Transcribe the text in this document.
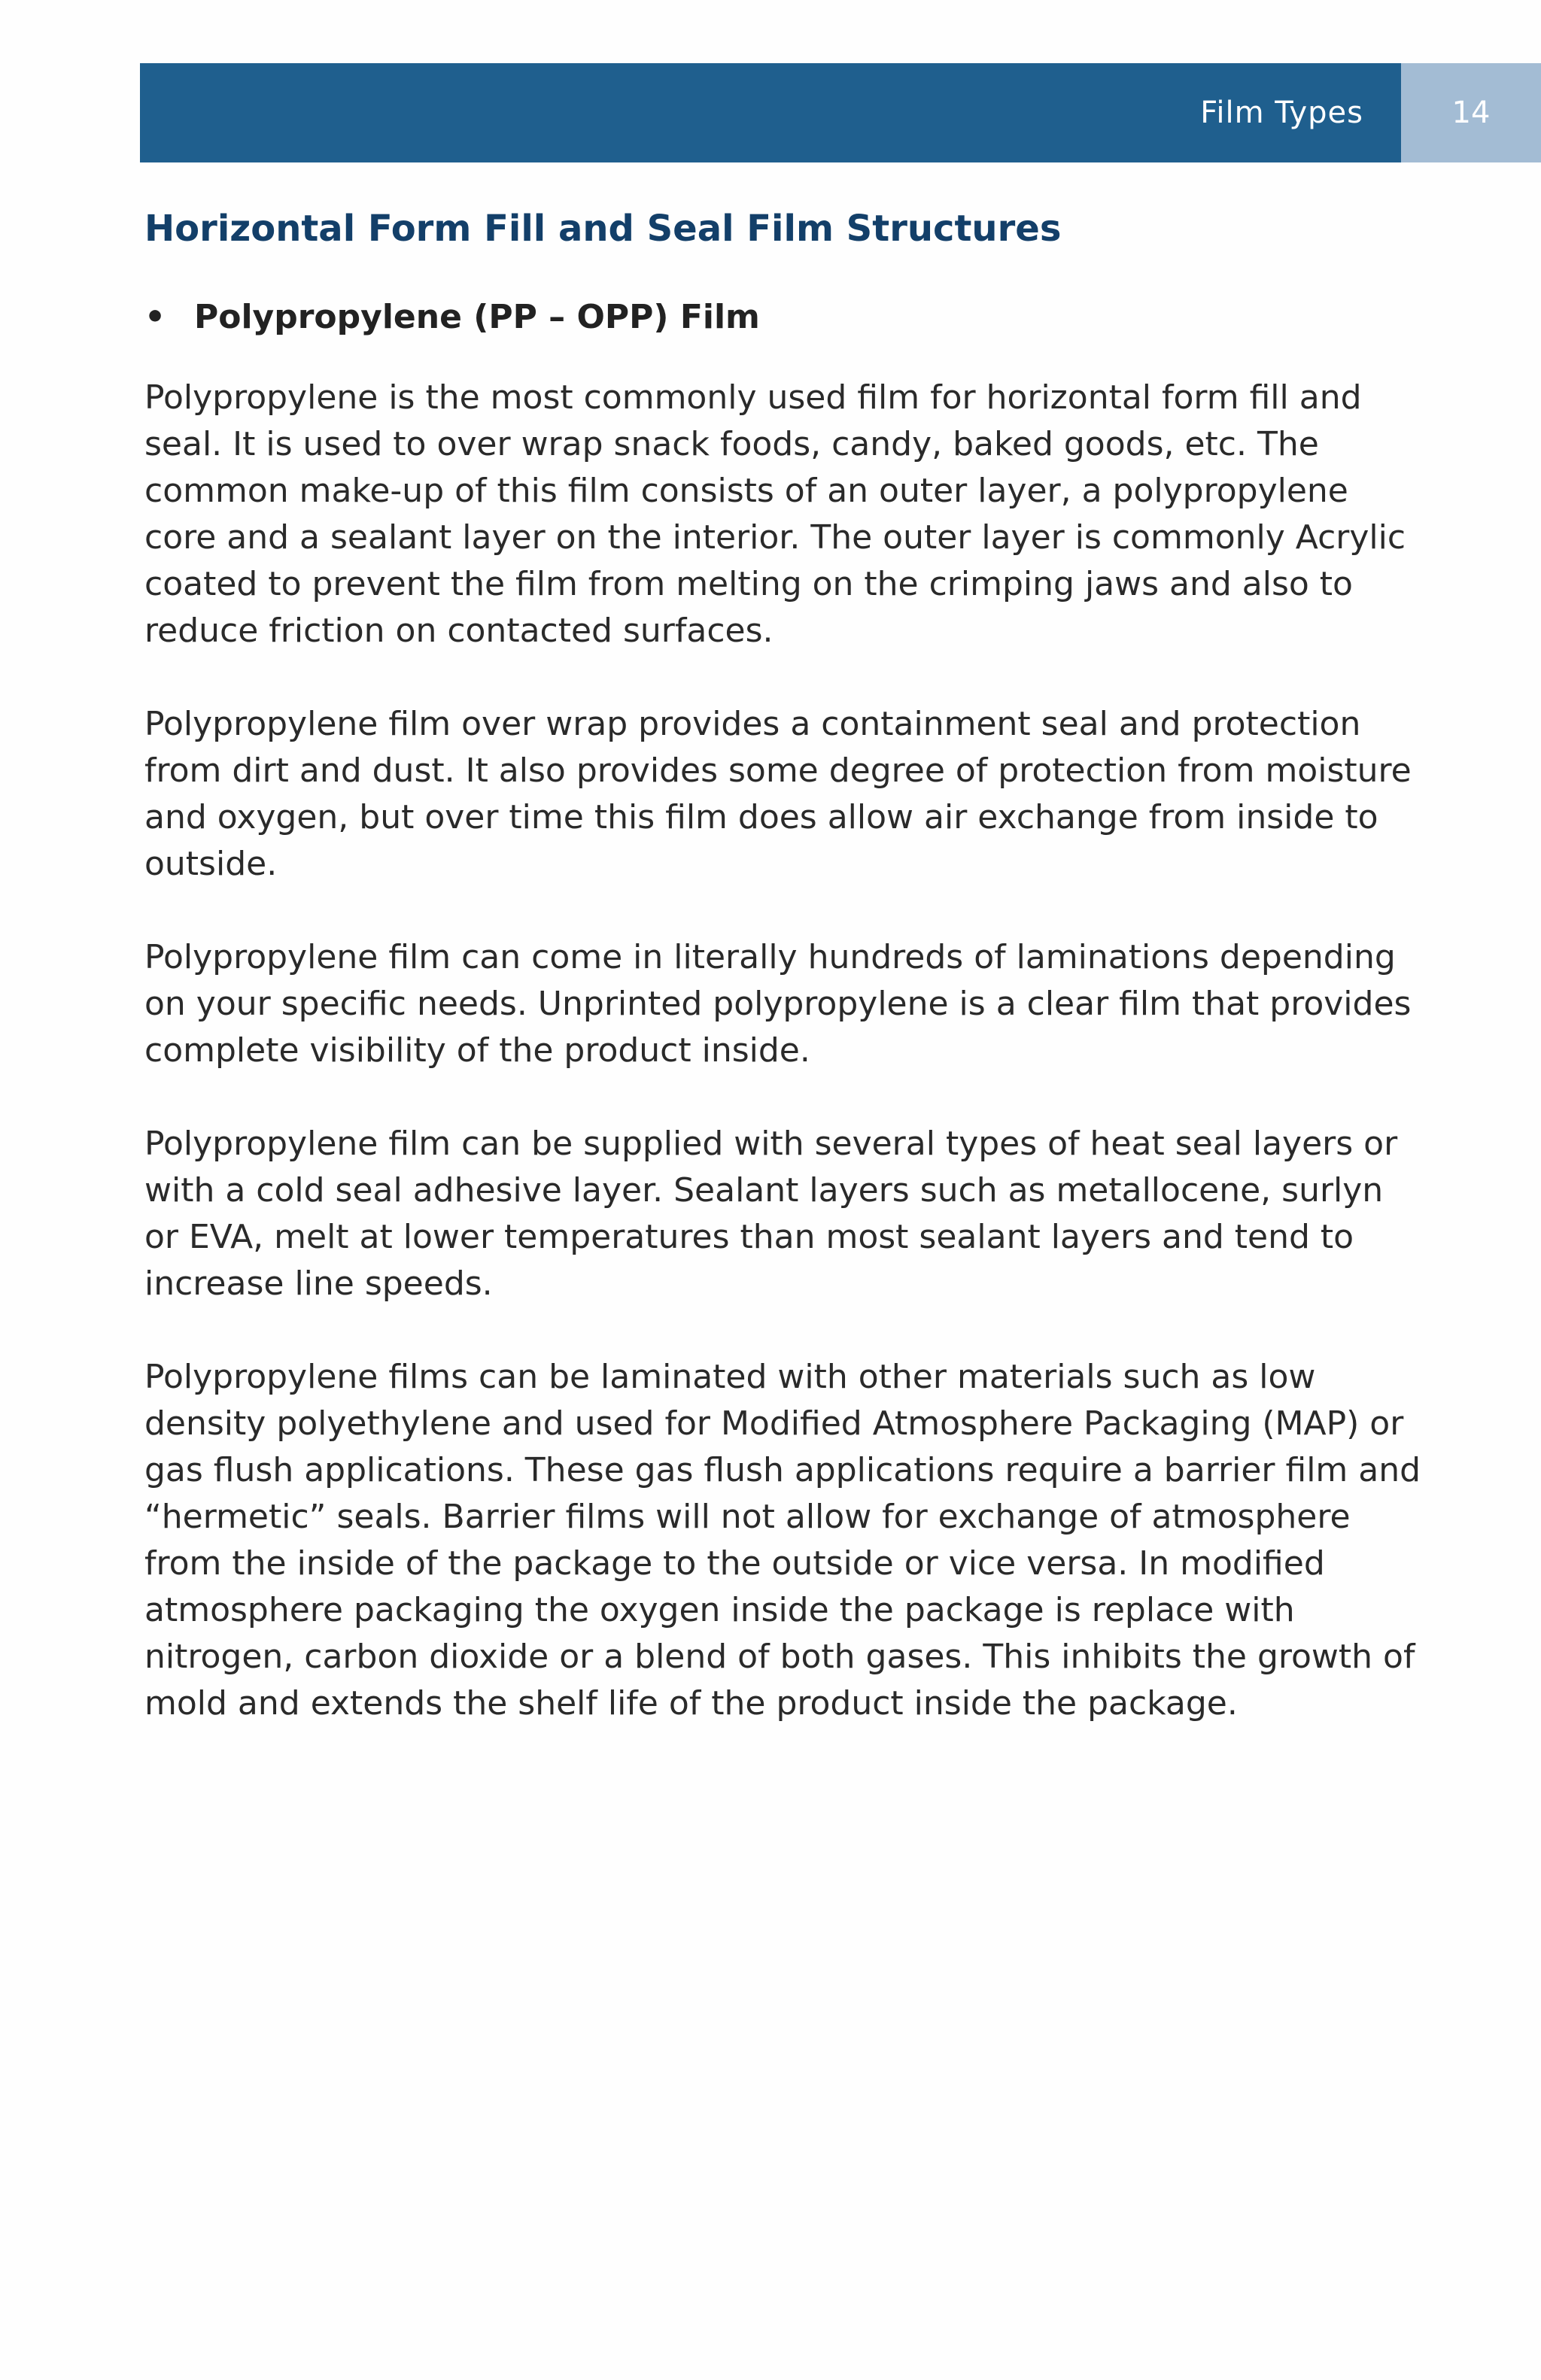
Film Types	14
Horizontal Form Fill and Seal Film Structures
• Polypropylene (PP – OPP) Film

Polypropylene is the most commonly used film for horizontal form fill and seal. It is used to over wrap snack foods, candy, baked goods, etc. The common make-up of this film consists of an outer layer, a polypropylene core and a sealant layer on the interior. The outer layer is commonly Acrylic coated to prevent the film from melting on the crimping jaws and also to reduce friction on contacted surfaces.

Polypropylene film over wrap provides a containment seal and protection from dirt and dust. It also provides some degree of protection from moisture and oxygen, but over time this film does allow air exchange from inside to outside.

Polypropylene film can come in literally hundreds of laminations depending on your specific needs. Unprinted polypropylene is a clear film that provides complete visibility of the product inside.

Polypropylene film can be supplied with several types of heat seal layers or with a cold seal adhesive layer. Sealant layers such as metallocene, surlyn or EVA, melt at lower temperatures than most sealant layers and tend to increase line speeds.

Polypropylene films can be laminated with other materials such as low density polyethylene and used for Modified Atmosphere Packaging (MAP) or gas flush applications. These gas flush applications require a barrier film and “hermetic” seals. Barrier films will not allow for exchange of atmosphere from the inside of the package to the outside or vice versa. In modified atmosphere packaging the oxygen inside the package is replace with nitrogen, carbon dioxide or a blend of both gases. This inhibits the growth of mold and extends the shelf life of the product inside the package.
